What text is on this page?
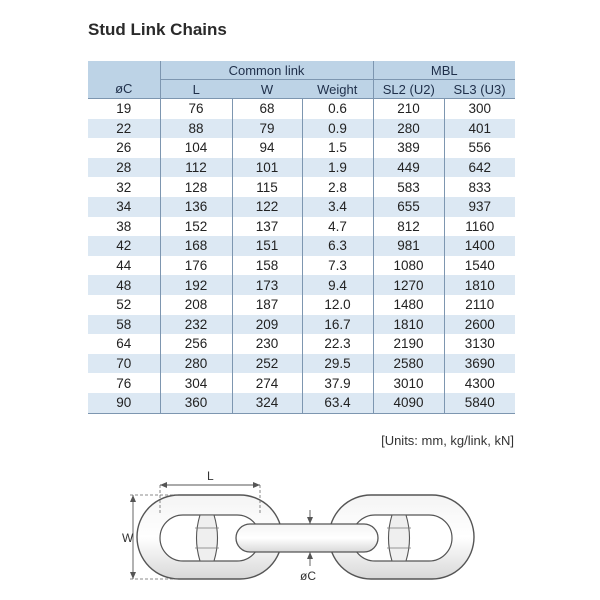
Stud Link Chains
	Common link			MBL	
øC	L	W	Weight	SL2 (U2)	SL3 (U3)
19	76	68	0.6	210	300
22	88	79	0.9	280	401
26	104	94	1.5	389	556
28	112	101	1.9	449	642
32	128	115	2.8	583	833
34	136	122	3.4	655	937
38	152	137	4.7	812	1160
42	168	151	6.3	981	1400
44	176	158	7.3	1080	1540
48	192	173	9.4	1270	1810
52	208	187	12.0	1480	2110
58	232	209	16.7	1810	2600
64	256	230	22.3	2190	3130
70	280	252	29.5	2580	3690
76	304	274	37.9	3010	4300
90	360	324	63.4	4090	5840
[Units: mm, kg/link, kN]
L
W
øC
